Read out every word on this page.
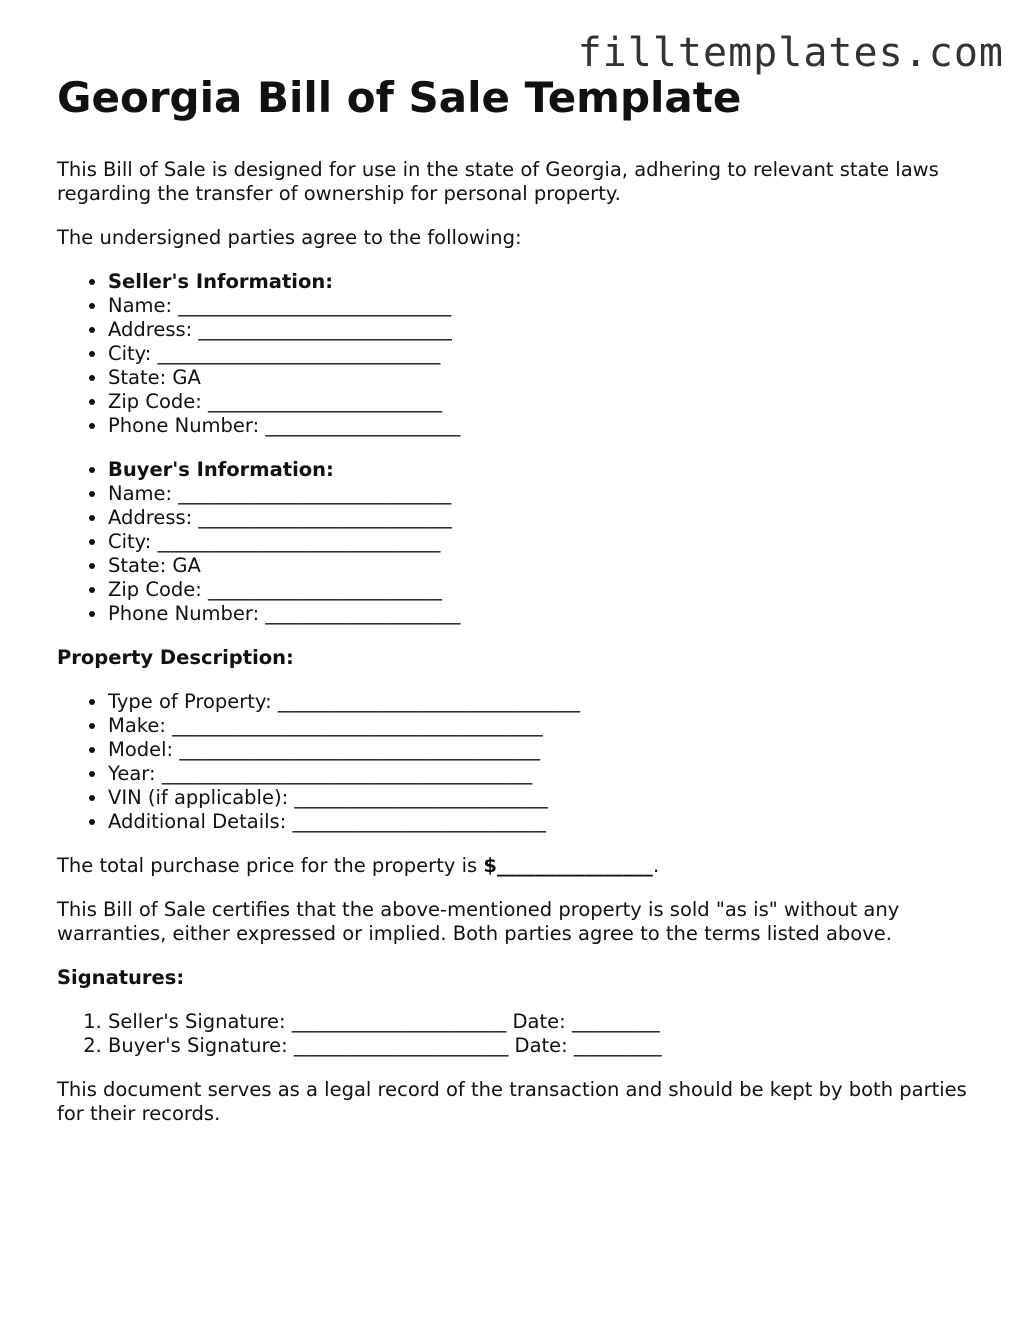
filltemplates.com
Georgia Bill of Sale Template

This Bill of Sale is designed for use in the state of Georgia, adhering to relevant state laws regarding the transfer of ownership for personal property.

The undersigned parties agree to the following:

• Seller's Information:
• Name: ____________________________
• Address: __________________________
• City: _____________________________
• State: GA
• Zip Code: ________________________
• Phone Number: ____________________
• Buyer's Information:
• Name: ____________________________
• Address: __________________________
• City: _____________________________
• State: GA
• Zip Code: ________________________
• Phone Number: ____________________

Property Description:

• Type of Property: _______________________________
• Make: ______________________________________
• Model: _____________________________________
• Year: ______________________________________
• VIN (if applicable): __________________________
• Additional Details: __________________________

The total purchase price for the property is $________________.

This Bill of Sale certifies that the above-mentioned property is sold "as is" without any warranties, either expressed or implied. Both parties agree to the terms listed above.

Signatures:

1. Seller's Signature: ______________________ Date: _________
2. Buyer's Signature: ______________________ Date: _________

This document serves as a legal record of the transaction and should be kept by both parties for their records.
